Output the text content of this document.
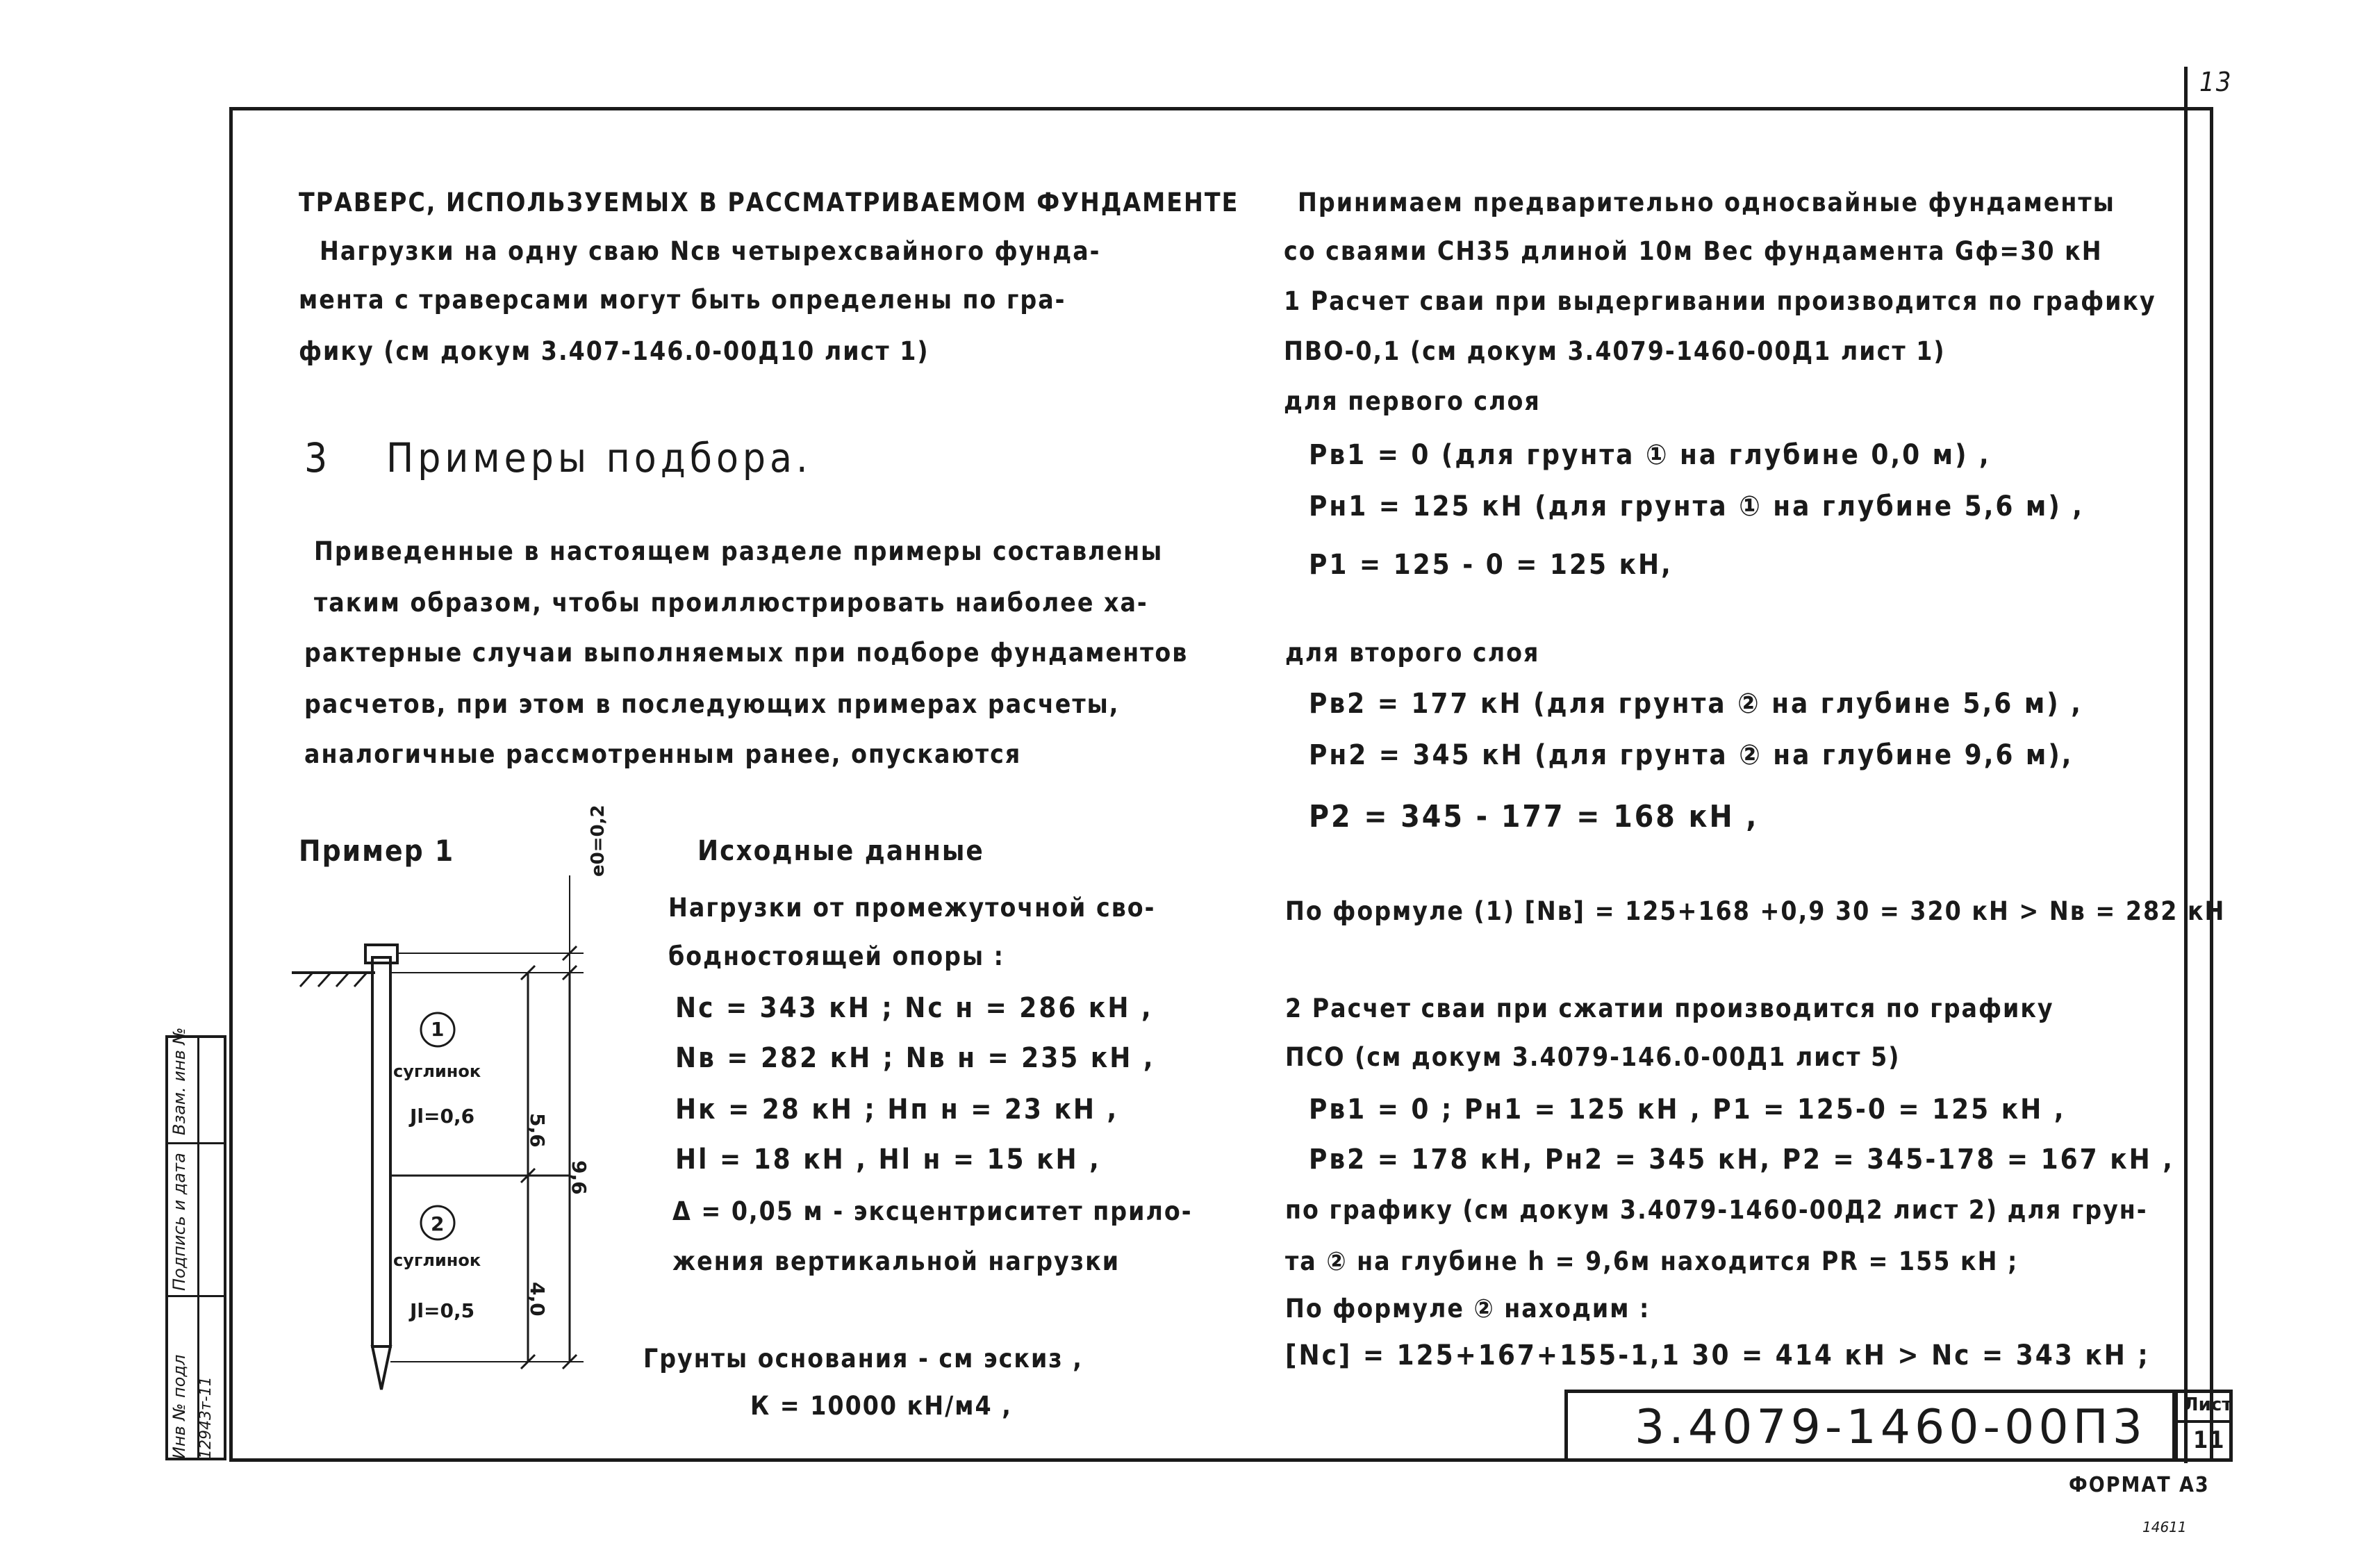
13
ТРАВЕРС, ИСПОЛЬЗУЕМЫХ В РАССМАТРИВАЕМОМ ФУНДАМЕНТЕ
Нагрузки на одну сваю Nсв четырехсвайного фунда-
мента с траверсами могут быть определены по гра-
фику (см докум 3.407-146.0-00Д10 лист 1)
3 Примеры подбора.
Приведенные в настоящем разделе примеры составлены
таким образом, чтобы проиллюстрировать наиболее ха-
рактерные случаи выполняемых при подборе фундаментов
расчетов, при этом в последующих примерах расчеты,
аналогичные рассмотренным ранее, опускаются
Пример 1	Исходные данные
Нагрузки от промежуточной сво-
бодностоящей опоры :
Nс = 343 кН ; Nс н = 286 кН ,
Nв = 282 кН ; Nв н = 235 кН ,
Нк = 28 кН ; Нп н = 23 кН ,
Нl = 18 кН , Нl н = 15 кН ,
Δ = 0,05 м - эксцентриситет прило-
жения вертикальной нагрузки
Грунты основания - см эскиз ,
К = 10000 кН/м4 ,
1
суглинок
Jl=0,6
2
суглинок
Jl=0,5
5,6
4,0
9,6
e0=0,2
Принимаем предварительно односвайные фундаменты
со сваями СН35 длиной 10м Вес фундамента Gф=30 кН
1 Расчет сваи при выдергивании производится по графику
ПВО-0,1 (см докум 3.4079-1460-00Д1 лист 1)
для первого слоя
Рв1 = 0 (для грунта ① на глубине 0,0 м) ,
Рн1 = 125 кН (для грунта ① на глубине 5,6 м) ,
Р1 = 125 - 0 = 125 кН,
для второго слоя
Рв2 = 177 кН (для грунта ② на глубине 5,6 м) ,
Рн2 = 345 кН (для грунта ② на глубине 9,6 м),
Р2 = 345 - 177 = 168 кН ,
По формуле (1) [Nв] = 125+168 +0,9 30 = 320 кН > Nв = 282 кН
2 Расчет сваи при сжатии производится по графику
ПСО (см докум 3.4079-146.0-00Д1 лист 5)
Рв1 = 0 ; Рн1 = 125 кН , Р1 = 125-0 = 125 кН ,
Рв2 = 178 кН, Рн2 = 345 кН, Р2 = 345-178 = 167 кН ,
по графику (см докум 3.4079-1460-00Д2 лист 2) для грун-
та ② на глубине h = 9,6м находится РR = 155 кН ;
По формуле ② находим :
[Nс] = 125+167+155-1,1 30 = 414 кН > Nс = 343 кН ;
3.4079-1460-00П3 Лист
11
ФОРМАТ А3
14611
Инв № подл 12943т-11
Подпись и дата
Взам. инв №
